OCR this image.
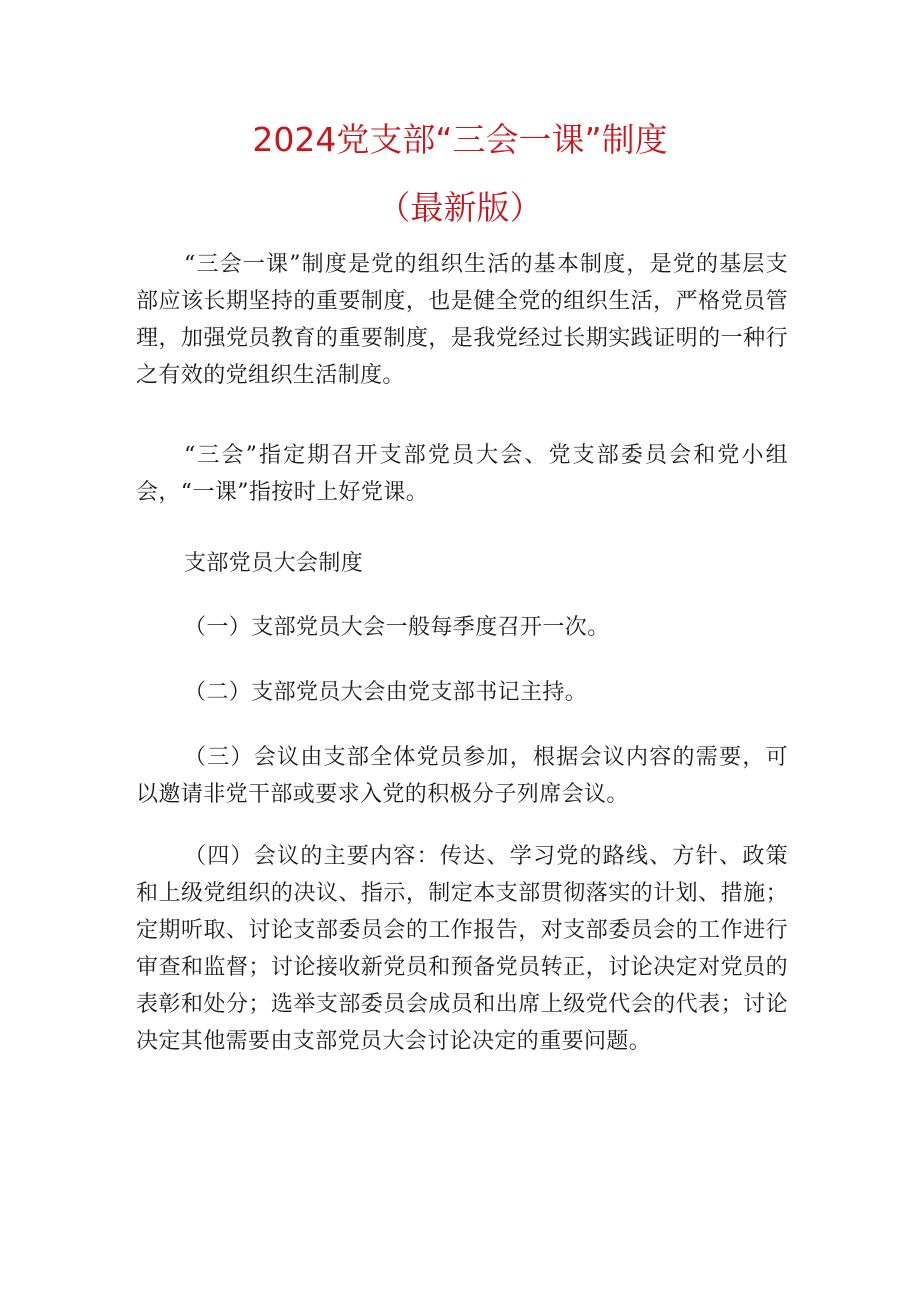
2024党支部“三会一课”制度
（最新版）

“三会一课”制度是党的组织生活的基本制度，是党的基层支部应该长期坚持的重要制度，也是健全党的组织生活，严格党员管理，加强党员教育的重要制度，是我党经过长期实践证明的一种行之有效的党组织生活制度。

“三会”指定期召开支部党员大会、党支部委员会和党小组会，“一课”指按时上好党课。

支部党员大会制度

（一）支部党员大会一般每季度召开一次。

（二）支部党员大会由党支部书记主持。

（三）会议由支部全体党员参加，根据会议内容的需要，可以邀请非党干部或要求入党的积极分子列席会议。

（四）会议的主要内容：传达、学习党的路线、方针、政策和上级党组织的决议、指示，制定本支部贯彻落实的计划、措施；定期听取、讨论支部委员会的工作报告，对支部委员会的工作进行审查和监督；讨论接收新党员和预备党员转正，讨论决定对党员的表彰和处分；选举支部委员会成员和出席上级党代会的代表；讨论决定其他需要由支部党员大会讨论决定的重要问题。
